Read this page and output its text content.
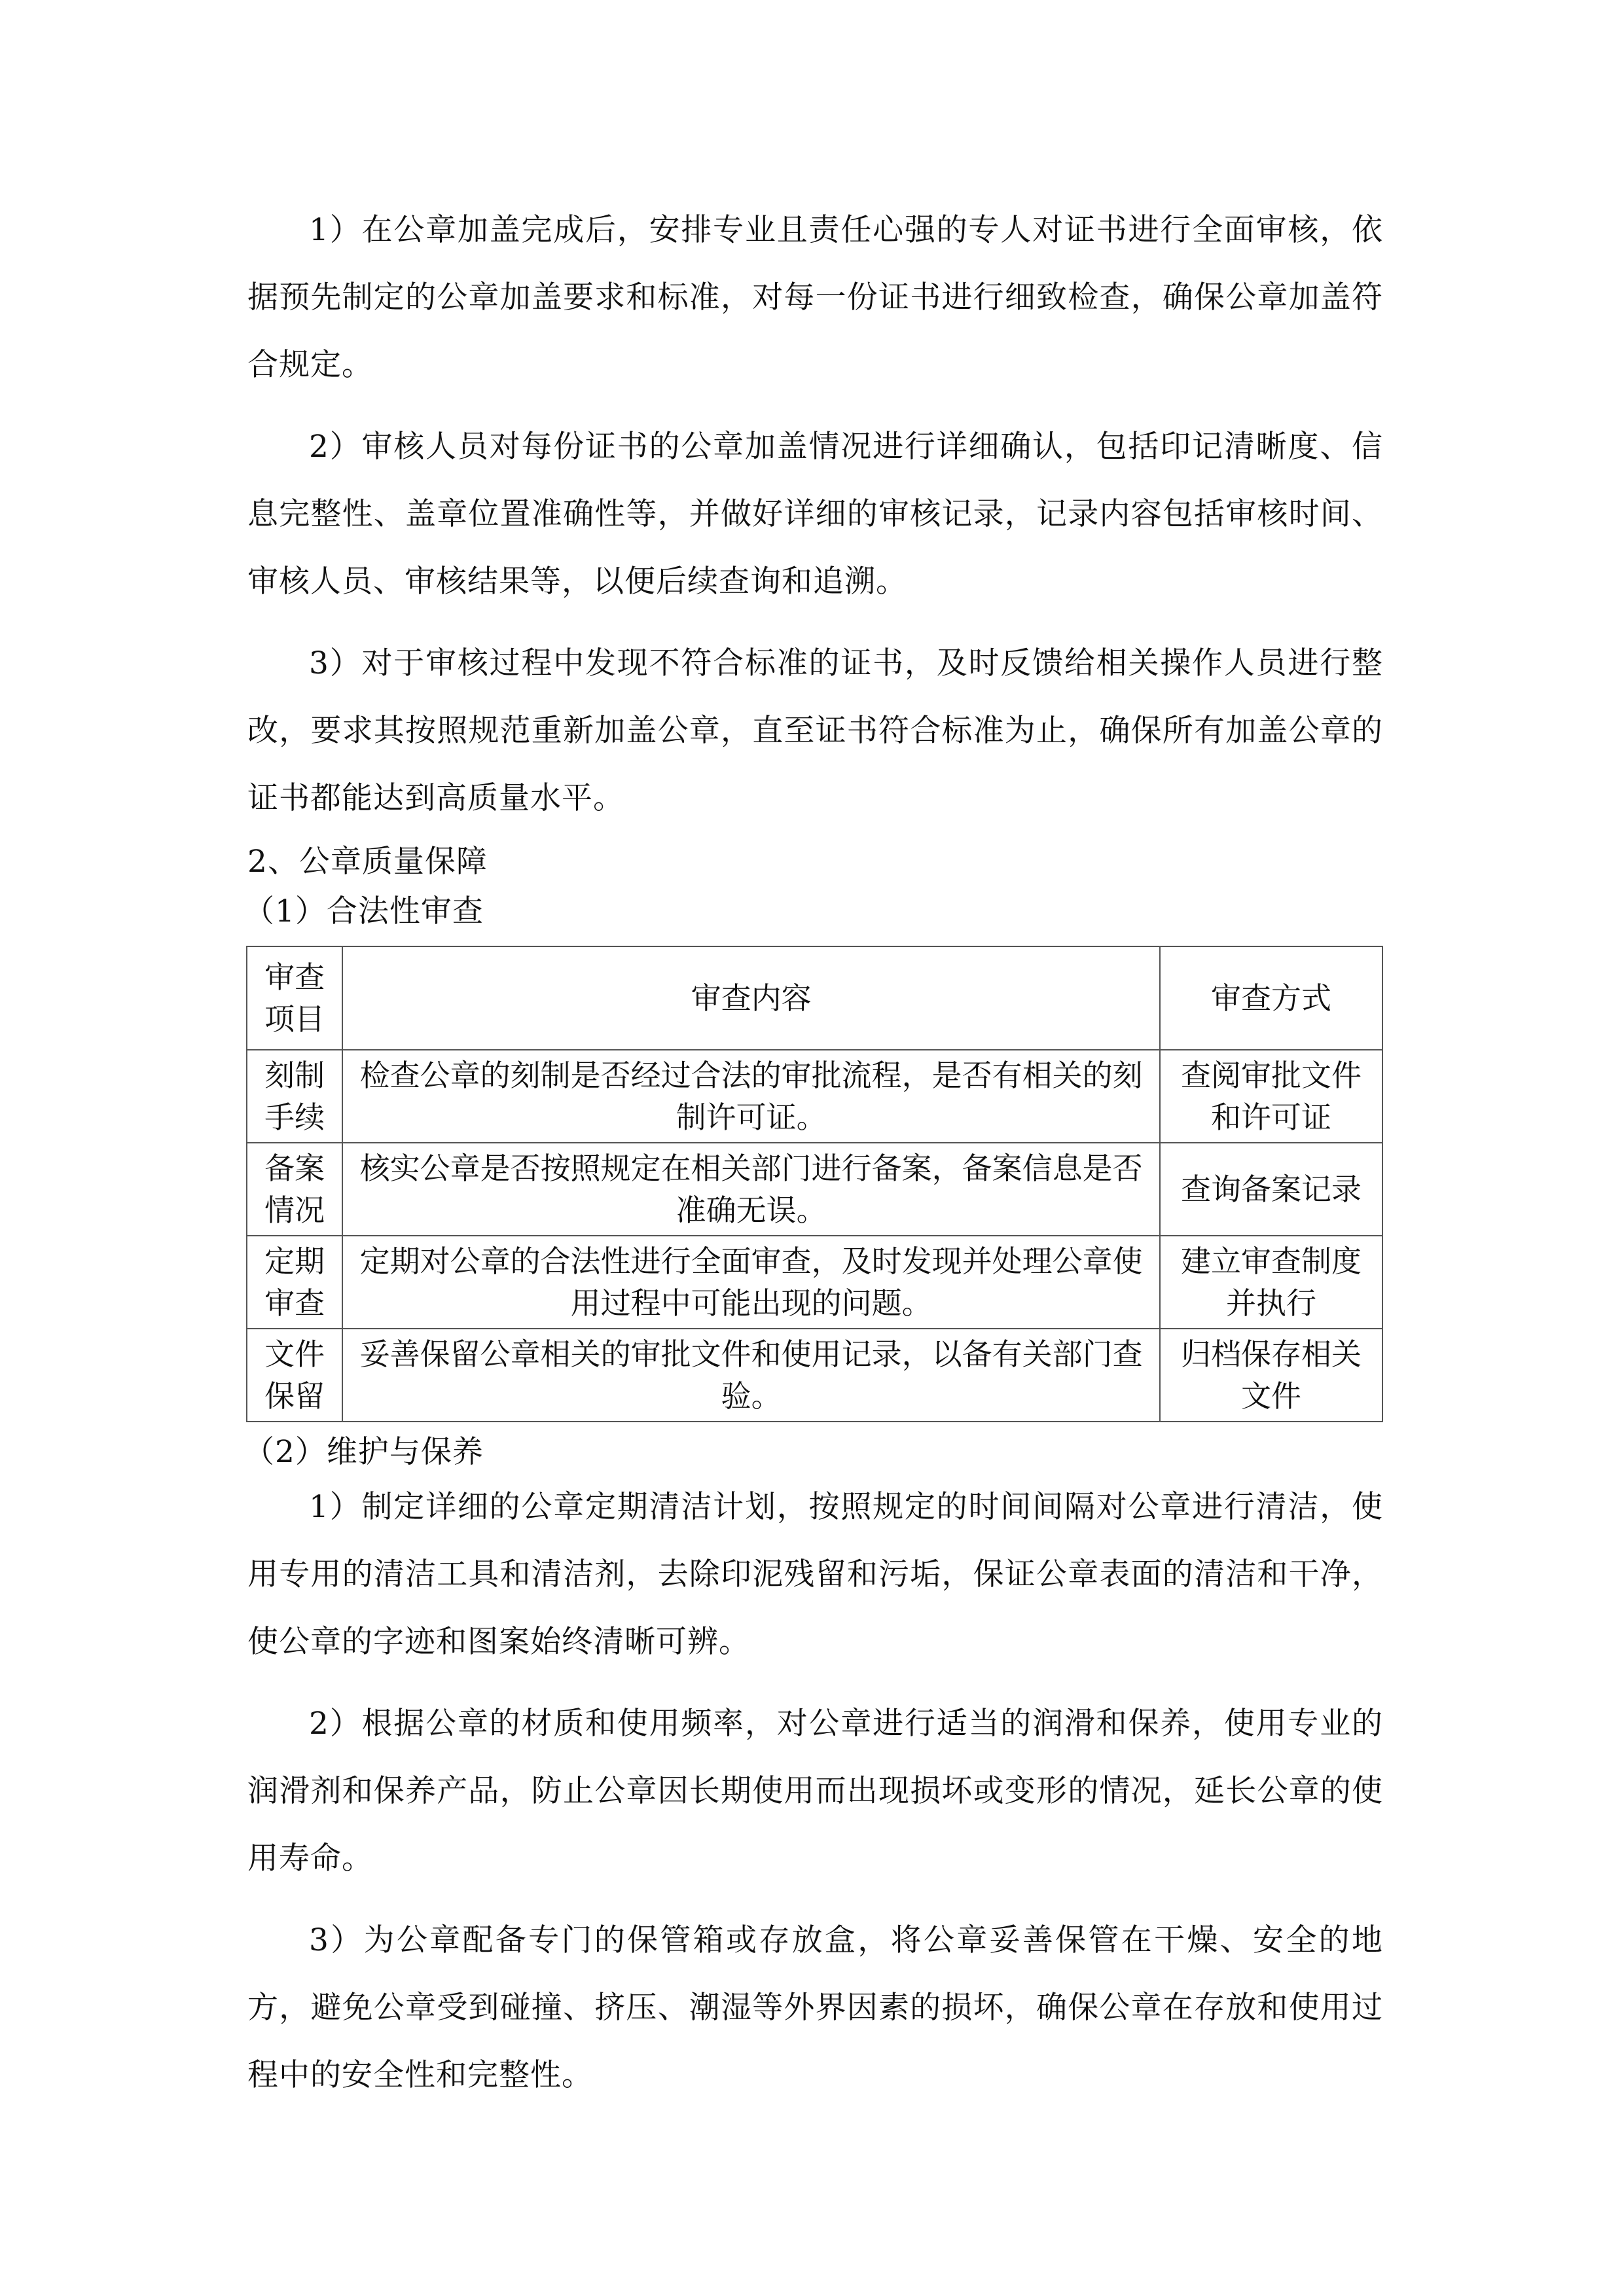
1）在公章加盖完成后，安排专业且责任心强的专人对证书进行全面审核，依据预先制定的公章加盖要求和标准，对每一份证书进行细致检查，确保公章加盖符合规定。

2）审核人员对每份证书的公章加盖情况进行详细确认，包括印记清晰度、信息完整性、盖章位置准确性等，并做好详细的审核记录，记录内容包括审核时间、审核人员、审核结果等，以便后续查询和追溯。

3）对于审核过程中发现不符合标准的证书，及时反馈给相关操作人员进行整改，要求其按照规范重新加盖公章，直至证书符合标准为止，确保所有加盖公章的证书都能达到高质量水平。

2、公章质量保障

（1）合法性审查

审查项目	审查内容	审查方式
刻制手续	检查公章的刻制是否经过合法的审批流程，是否有相关的刻制许可证。	查阅审批文件和许可证
备案情况	核实公章是否按照规定在相关部门进行备案，备案信息是否准确无误。	查询备案记录
定期审查	定期对公章的合法性进行全面审查，及时发现并处理公章使用过程中可能出现的问题。	建立审查制度并执行
文件保留	妥善保留公章相关的审批文件和使用记录，以备有关部门查验。	归档保存相关文件

（2）维护与保养

1）制定详细的公章定期清洁计划，按照规定的时间间隔对公章进行清洁，使用专用的清洁工具和清洁剂，去除印泥残留和污垢，保证公章表面的清洁和干净，使公章的字迹和图案始终清晰可辨。

2）根据公章的材质和使用频率，对公章进行适当的润滑和保养，使用专业的润滑剂和保养产品，防止公章因长期使用而出现损坏或变形的情况，延长公章的使用寿命。

3）为公章配备专门的保管箱或存放盒，将公章妥善保管在干燥、安全的地方，避免公章受到碰撞、挤压、潮湿等外界因素的损坏，确保公章在存放和使用过程中的安全性和完整性。
